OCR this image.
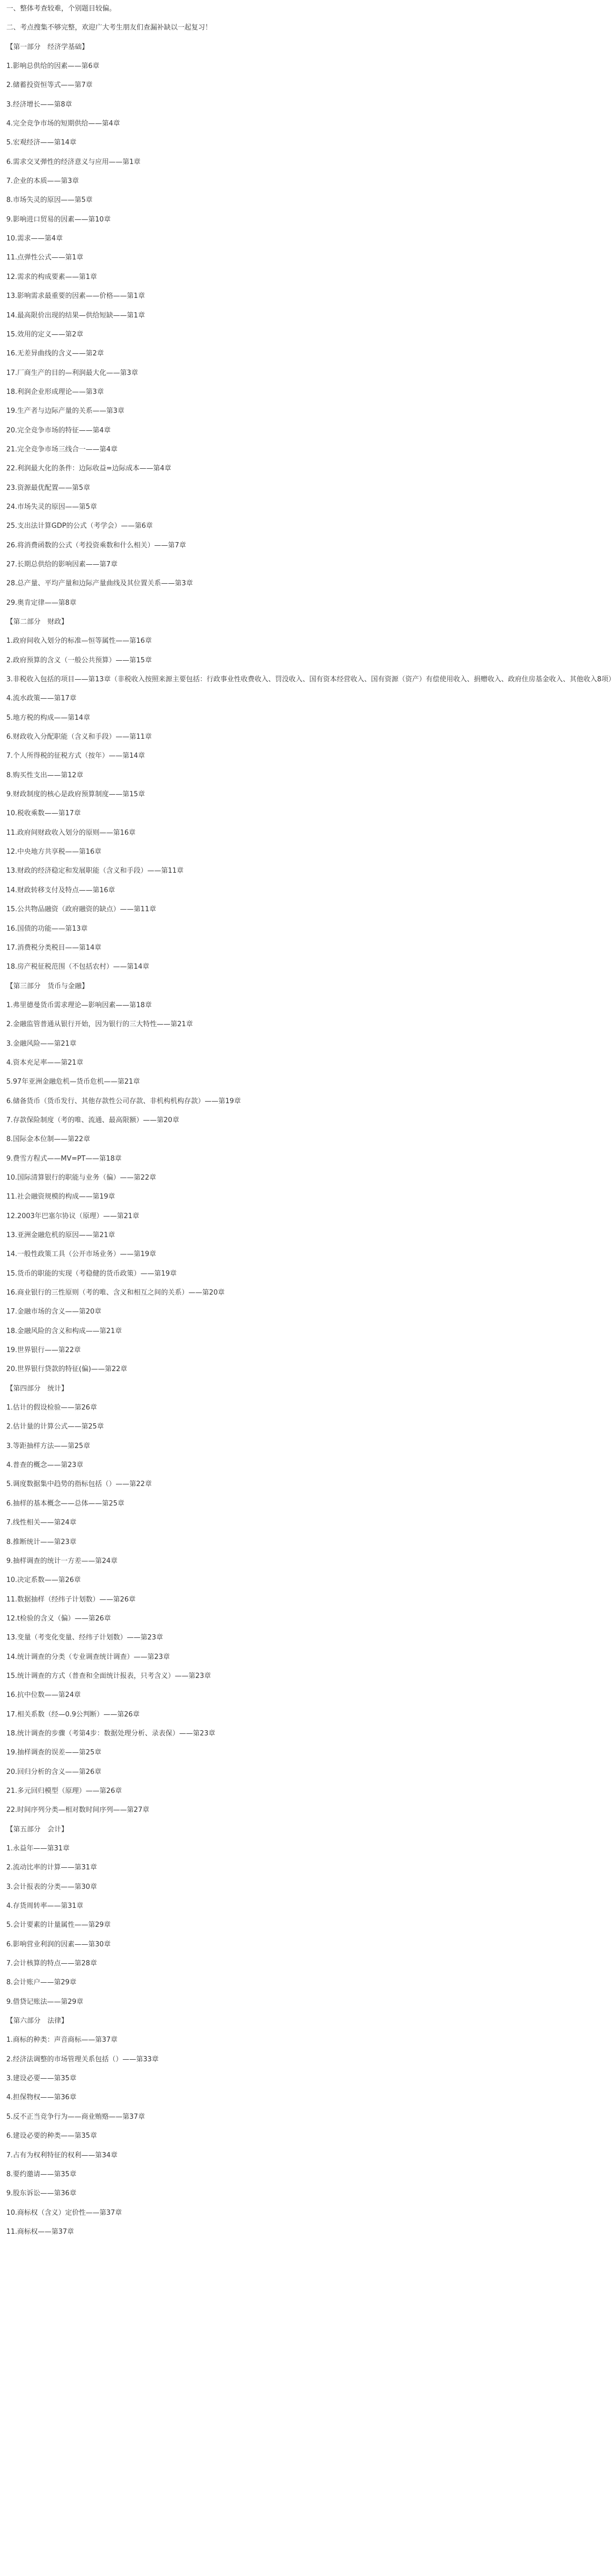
一、整体考查较难，个别题目较偏。
二、考点搜集不够完整，欢迎广大考生朋友们查漏补缺以一起复习！
【第一部分　经济学基础】
1.影响总供给的因素——第6章
2.储蓄投资恒等式——第7章
3.经济增长——第8章
4.完全竞争市场的短期供给——第4章
5.宏观经济——第14章
6.需求交叉弹性的经济意义与应用——第1章
7.企业的本质——第3章
8.市场失灵的原因——第5章
9.影响进口贸易的因素——第10章
10.需求——第4章
11.点弹性公式——第1章
12.需求的构成要素——第1章
13.影响需求最重要的因素——价格——第1章
14.最高限价出现的结果—供给短缺——第1章
15.效用的定义——第2章
16.无差异曲线的含义——第2章
17.厂商生产的目的—利润最大化——第3章
18.利润企业形成理论——第3章
19.生产者与边际产量的关系——第3章
20.完全竞争市场的特征——第4章
21.完全竞争市场三线合一——第4章
22.利润最大化的条件：边际收益=边际成本——第4章
23.资源最优配置——第5章
24.市场失灵的原因——第5章
25.支出法计算GDP的公式（考学会）——第6章
26.将消费函数的公式（考投资乘数和什么相关）——第7章
27.长期总供给的影响因素——第7章
28.总产量、平均产量和边际产量曲线及其位置关系——第3章
29.奥肯定律——第8章
【第二部分　财政】
1.政府间收入划分的标准—恒等属性——第16章
2.政府预算的含义（一般公共预算）——第15章
3.非税收入包括的项目——第13章（非税收入按照来源主要包括：行政事业性收费收入、罚没收入、国有资本经营收入、国有资源（资产）有偿使用收入、捐赠收入、政府住房基金收入、其他收入8项）
4.流水政策——第17章
5.地方税的构成——第14章
6.财政收入分配职能（含义和手段）——第11章
7.个人所得税的征税方式（按年）——第14章
8.购买性支出——第12章
9.财政制度的核心是政府预算制度——第15章
10.税收乘数——第17章
11.政府间财政收入划分的原则——第16章
12.中央地方共享税——第16章
13.财政的经济稳定和发展职能（含义和手段）——第11章
14.财政转移支付及特点——第16章
15.公共物品融资（政府融资的缺点）——第11章
16.国债的功能——第13章
17.消费税分类税目——第14章
18.房产税征税范围（不包括农村）——第14章
【第三部分　货币与金融】
1.弗里德曼货币需求理论—影响因素——第18章
2.金融监管普通从银行开始，因为银行的三大特性——第21章
3.金融风险——第21章
4.资本充足率——第21章
5.97年亚洲金融危机—货币危机——第21章
6.储备货币（货币发行、其他存款性公司存款、非机构机构存款）——第19章
7.存款保险制度（考的唯、流通、最高限额）——第20章
8.国际金本位制——第22章
9.费雪方程式——MV=PT——第18章
10.国际清算银行的职能与业务（偏）——第22章
11.社会融资规模的构成——第19章
12.2003年巴塞尔协议（原理）——第21章
13.亚洲金融危机的原因——第21章
14.一般性政策工具（公开市场业务）——第19章
15.货币的职能的实现（考稳健的货币政策）——第19章
16.商业银行的三性原则（考的唯、含义和相互之间的关系）——第20章
17.金融市场的含义——第20章
18.金融风险的含义和构成——第21章
19.世界银行——第22章
20.世界银行贷款的特征(偏)——第22章
【第四部分　统计】
1.估计的假设检验——第26章
2.估计量的计算公式——第25章
3.等距抽样方法——第25章
4.普查的概念——第23章
5.调度数据集中趋势的指标包括（）——第22章
6.抽样的基本概念——总体——第25章
7.线性相关——第24章
8.推断统计——第23章
9.抽样调查的统计一方差——第24章
10.决定系数——第26章
11.数据抽样（经纬子计划数）——第26章
12.t检验的含义（偏）——第26章
13.变量（考变化变量、经纬子计划数）——第23章
14.统计调查的分类（专业调查统计调查）——第23章
15.统计调查的方式（普查和全面统计报表，只考含义）——第23章
16.抗中位数——第24章
17.相关系数（经—0.9公判断）——第26章
18.统计调查的步骤（考第4步：数据处理分析、录表保）——第23章
19.抽样调查的误差——第25章
20.回归分析的含义——第26章
21.多元回归模型（原理）——第26章
22.时间序列分类—相对数时间序列——第27章
【第五部分　会计】
1.永益年——第31章
2.流动比率的计算——第31章
3.会计报表的分类——第30章
4.存货周转率——第31章
5.会计要素的计量属性——第29章
6.影响营业利润的因素——第30章
7.会计核算的特点——第28章
8.会计账户——第29章
9.借贷记账法——第29章
【第六部分　法律】
1.商标的种类：声音商标——第37章
2.经济法调整的市场管理关系包括（）——第33章
3.建设必要——第35章
4.担保物权——第36章
5.反不正当竞争行为——商业贿赂——第37章
6.建设必要的种类——第35章
7.占有为权利特征的权利——第34章
8.要约邀请——第35章
9.股东诉讼——第36章
10.商标权（含义）定价性——第37章
11.商标权——第37章
